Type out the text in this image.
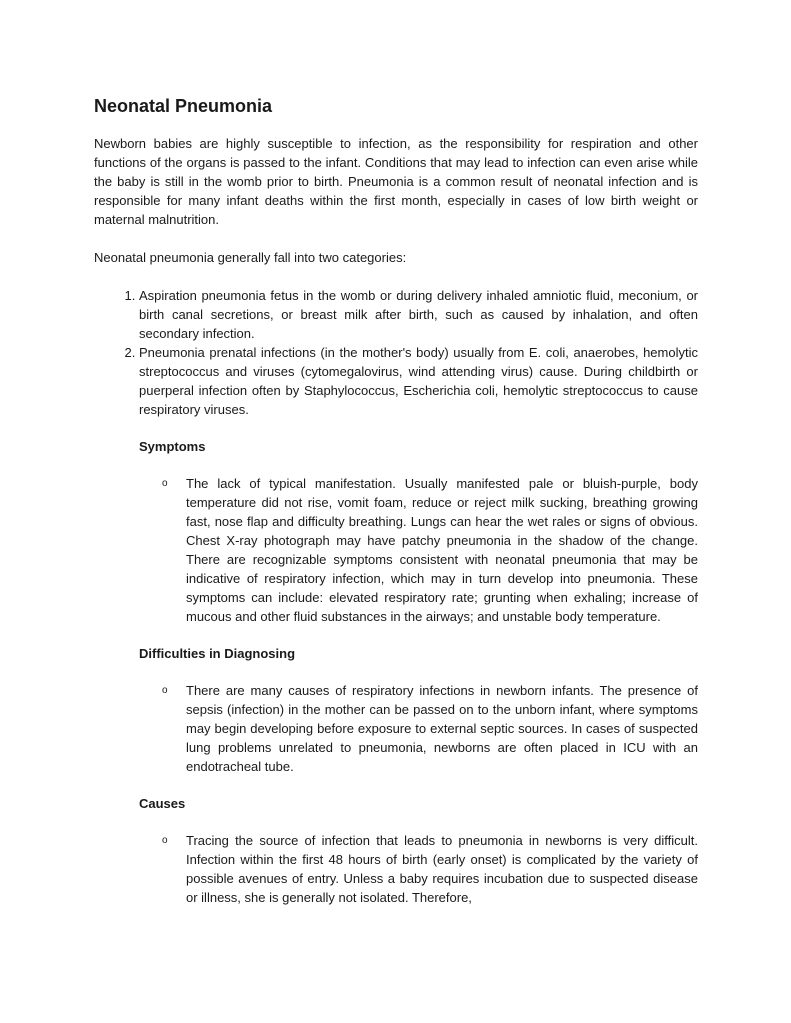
Neonatal Pneumonia

Newborn babies are highly susceptible to infection, as the responsibility for respiration and other functions of the organs is passed to the infant. Conditions that may lead to infection can even arise while the baby is still in the womb prior to birth. Pneumonia is a common result of neonatal infection and is responsible for many infant deaths within the first month, especially in cases of low birth weight or maternal malnutrition.

Neonatal pneumonia generally fall into two categories:

1. Aspiration pneumonia fetus in the womb or during delivery inhaled amniotic fluid, meconium, or birth canal secretions, or breast milk after birth, such as caused by inhalation, and often secondary infection.
2. Pneumonia prenatal infections (in the mother's body) usually from E. coli, anaerobes, hemolytic streptococcus and viruses (cytomegalovirus, wind attending virus) cause. During childbirth or puerperal infection often by Staphylococcus, Escherichia coli, hemolytic streptococcus to cause respiratory viruses.
Symptoms
o The lack of typical manifestation. Usually manifested pale or bluish-purple, body temperature did not rise, vomit foam, reduce or reject milk sucking, breathing growing fast, nose flap and difficulty breathing. Lungs can hear the wet rales or signs of obvious. Chest X-ray photograph may have patchy pneumonia in the shadow of the change. There are recognizable symptoms consistent with neonatal pneumonia that may be indicative of respiratory infection, which may in turn develop into pneumonia. These symptoms can include: elevated respiratory rate; grunting when exhaling; increase of mucous and other fluid substances in the airways; and unstable body temperature.
Difficulties in Diagnosing
o There are many causes of respiratory infections in newborn infants. The presence of sepsis (infection) in the mother can be passed on to the unborn infant, where symptoms may begin developing before exposure to external septic sources. In cases of suspected lung problems unrelated to pneumonia, newborns are often placed in ICU with an endotracheal tube.
Causes
o Tracing the source of infection that leads to pneumonia in newborns is very difficult. Infection within the first 48 hours of birth (early onset) is complicated by the variety of possible avenues of entry. Unless a baby requires incubation due to suspected disease or illness, she is generally not isolated. Therefore,
